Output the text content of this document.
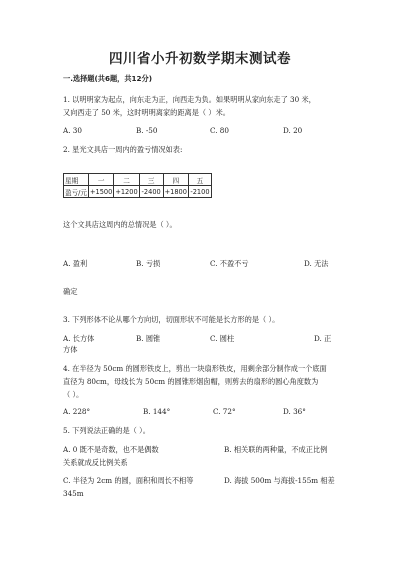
四川省小升初数学期末测试卷
一.选择题(共6题，共12分)
1. 以明明家为起点，向东走为正，向西走为负。如果明明从家向东走了 30 米，
又向西走了 50 米，这时明明离家的距离是（ ）米。
A. 30	B. -50	C. 80	D. 20
2. 星光文具店一周内的盈亏情况如表:
星期	一	二	三	四	五
盈亏/元	+1500	+1200	-2400	+1800	-2100
这个文具店这周内的总情况是（ ）。
A. 盈利	B. 亏损	C. 不盈不亏	D. 无法
确定
3. 下列形体不论从哪个方向切，切面形状不可能是长方形的是（ ）。
A. 长方体	B. 圆锥	C. 圆柱	D. 正
方体
4. 在半径为 50cm 的圆形铁皮上，剪出一块扇形铁皮，用剩余部分制作成一个底面
直径为 80cm，母线长为 50cm 的圆锥形烟囱帽，则剪去的扇形的圆心角度数为
（ ）。
A. 228°	B. 144°	C. 72°	D. 36°
5. 下列说法正确的是（ ）。
A. 0 既不是奇数，也不是偶数	B. 相关联的两种量，不成正比例
关系就成反比例关系
C. 半径为 2cm 的圆，面积和周长不相等	D. 海拔 500m 与海拔-155m 相差
345m
